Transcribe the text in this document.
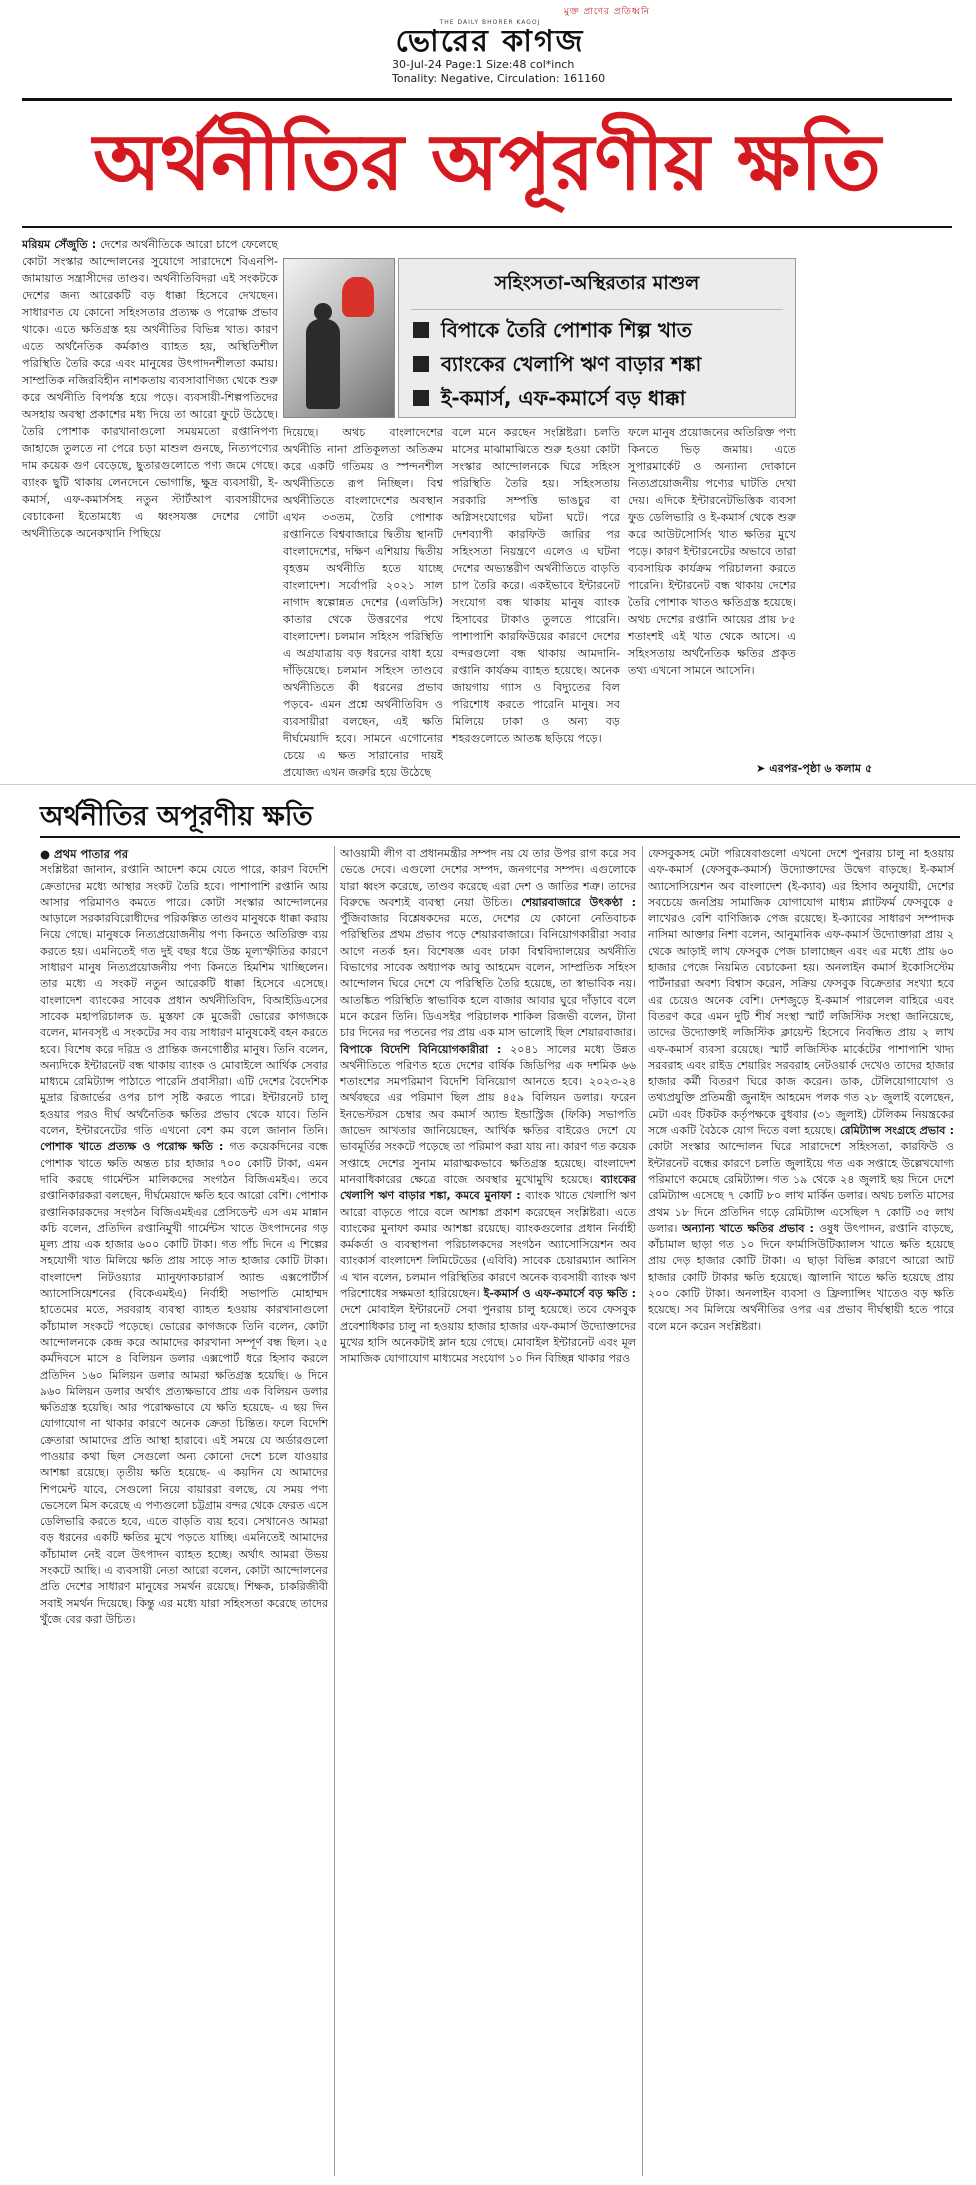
মুক্ত প্রাণের প্রতিধ্বনি
THE DAILY BHORER KAGOJ
ভোরের কাগজ
30-Jul-24 Page:1 Size:48 col*inch
Tonality: Negative, Circulation: 161160
অর্থনীতির অপূরণীয় ক্ষতি
মরিয়ম সেঁজুতি : দেশের অর্থনীতিকে আরো চাপে ফেলেছে কোটা সংস্কার আন্দোলনের সুযোগে সারাদেশে বিএনপি-জামায়াত সন্ত্রাসীদের তাণ্ডব। অর্থনীতিবিদরা এই সংকটকে দেশের জন্য আরেকটি বড় ধাক্কা হিসেবে দেখছেন। সাধারণত যে কোনো সহিংসতার প্রত্যক্ষ ও পরোক্ষ প্রভাব থাকে। এতে ক্ষতিগ্রস্ত হয় অর্থনীতির বিভিন্ন খাত। কারণ এতে অর্থনৈতিক কর্মকাণ্ড ব্যাহত হয়, অস্থিতিশীল পরিস্থিতি তৈরি করে এবং মানুষের উৎপাদনশীলতা কমায়। সাম্প্রতিক নজিরবিহীন নাশকতায় ব্যবসাবাণিজ্য থেকে শুরু করে অর্থনীতি বিপর্যস্ত হয়ে পড়ে। ব্যবসায়ী-শিল্পপতিদের অসহায় অবস্থা প্রকাশের মধ্য দিয়ে তা আরো ফুটে উঠেছে। তৈরি পোশাক কারখানাগুলো সময়মতো রপ্তানিপণ্য জাহাজে তুলতে না পেরে চড়া মাশুল গুনছে, নিত্যপণ্যের দাম কয়েক গুণ বেড়েছে, ছুতারগুলোতে পণ্য জমে গেছে। ব্যাংক ছুটি থাকায় লেনদেনে ভোগান্তি, ক্ষুদ্র ব্যবসায়ী, ই-কমার্স, এফ-কমার্সসহ নতুন স্টার্টআপ ব্যবসায়ীদের বেচাকেনা ইতোমধ্যে এ ধ্বংসযজ্ঞ দেশের গোটা অর্থনীতিকে অনেকখানি পিছিয়ে
সহিংসতা-অস্থিরতার মাশুল
বিপাকে তৈরি পোশাক শিল্প খাত
ব্যাংকের খেলাপি ঋণ বাড়ার শঙ্কা
ই-কমার্স, এফ-কমার্সে বড় ধাক্কা
দিয়েছে। অথচ বাংলাদেশের অর্থনীতি নানা প্রতিকূলতা অতিক্রম করে একটি গতিময় ও স্পন্দনশীল অর্থনীতিতে রূপ নিচ্ছিল। বিশ্ব অর্থনীতিতে বাংলাদেশের অবস্থান এখন ৩৩তম, তৈরি পোশাক রপ্তানিতে বিশ্ববাজারে দ্বিতীয় স্থানটি বাংলাদেশের, দক্ষিণ এশিয়ায় দ্বিতীয় বৃহত্তম অর্থনীতি হতে যাচ্ছে বাংলাদেশ। সর্বোপরি ২০২১ সাল নাগাদ স্বল্পোন্নত দেশের (এলডিসি) কাতার থেকে উত্তরণের পথে বাংলাদেশ। চলমান সহিংস পরিস্থিতি এ অগ্রযাত্রায় বড় ধরনের বাধা হয়ে দাঁড়িয়েছে। চলমান সহিংস তাণ্ডবে অর্থনীতিতে কী ধরনের প্রভাব পড়বে- এমন প্রশ্নে অর্থনীতিবিদ ও ব্যবসায়ীরা বলছেন, এই ক্ষতি দীর্ঘমেয়াদি হবে। সামনে এগোনোর চেয়ে এ ক্ষত সারানোর দায়ই প্রযোজ্য এখন জরুরি হয়ে উঠেছে
বলে মনে করছেন সংশ্লিষ্টরা। চলতি মাসের মাঝামাঝিতে শুরু হওয়া কোটা সংস্কার আন্দোলনকে ঘিরে সহিংস পরিস্থিতি তৈরি হয়। সহিংসতায় সরকারি সম্পত্তি ভাঙচুর বা অগ্নিসংযোগের ঘটনা ঘটে। পরে দেশব্যাপী কারফিউ জারির পর সহিংসতা নিয়ন্ত্রণে এলেও এ ঘটনা দেশের অভ্যন্তরীণ অর্থনীতিতে বাড়তি চাপ তৈরি করে। একইভাবে ইন্টারনেট সংযোগ বন্ধ থাকায় মানুষ ব্যাংক হিসাবের টাকাও তুলতে পারেনি। পাশাপাশি কারফিউয়ের কারণে দেশের বন্দরগুলো বন্ধ থাকায় আমদানি-রপ্তানি কার্যক্রম ব্যাহত হয়েছে। অনেক জায়গায় গ্যাস ও বিদ্যুতের বিল পরিশোধ করতে পারেনি মানুষ। সব মিলিয়ে ঢাকা ও অন্য বড় শহরগুলোতে আতঙ্ক ছড়িয়ে পড়ে।
ফলে মানুষ প্রয়োজনের অতিরিক্ত পণ্য কিনতে ভিড় জমায়। এতে সুপারমার্কেট ও অন্যান্য দোকানে নিত্যপ্রয়োজনীয় পণ্যের ঘাটতি দেখা দেয়। এদিকে ইন্টারনেটভিত্তিক ব্যবসা ফুড ডেলিভারি ও ই-কমার্স থেকে শুরু করে আউটসোর্সিং খাত ক্ষতির মুখে পড়ে। কারণ ইন্টারনেটের অভাবে তারা ব্যবসায়িক কার্যক্রম পরিচালনা করতে পারেনি। ইন্টারনেট বন্ধ থাকায় দেশের তৈরি পোশাক খাতও ক্ষতিগ্রস্ত হয়েছে। অথচ দেশের রপ্তানি আয়ের প্রায় ৮৫ শতাংশই এই খাত থেকে আসে। এ সহিংসতায় অর্থনৈতিক ক্ষতির প্রকৃত তথ্য এখনো সামনে আসেনি।
➤ এরপর-পৃষ্ঠা ৬ কলাম ৫
অর্থনীতির অপূরণীয় ক্ষতি
● প্রথম পাতার পর
সংশ্লিষ্টরা জানান, রপ্তানি আদেশ কমে যেতে পারে, কারণ বিদেশি ক্রেতাদের মধ্যে আস্থার সংকট তৈরি হবে। পাশাপাশি রপ্তানি আয় আসার পরিমাণও কমতে পারে। কোটা সংস্কার আন্দোলনের আড়ালে সরকারবিরোধীদের পরিকল্পিত তাণ্ডব মানুষকে ধাক্কা করায় নিয়ে গেছে। মানুষকে নিত্যপ্রয়োজনীয় পণ্য কিনতে অতিরিক্ত ব্যয় করতে হয়। এমনিতেই গত দুই বছর ধরে উচ্চ মূল্যস্ফীতির কারণে সাধারণ মানুষ নিত্যপ্রয়োজনীয় পণ্য কিনতে হিমশিম খাচ্ছিলেন। তার মধ্যে এ সংকট নতুন আরেকটি ধাক্কা হিসেবে এসেছে। বাংলাদেশ ব্যাংকের সাবেক প্রধান অর্থনীতিবিদ, বিআইডিএসের সাবেক মহাপরিচালক ড. মুস্তফা কে মুজেরী ভোরের কাগজকে বলেন, মানবসৃষ্ট এ সংকটের সব ব্যয় সাধারণ মানুষকেই বহন করতে হবে। বিশেষ করে দরিদ্র ও প্রান্তিক জনগোষ্ঠীর মানুষ। তিনি বলেন, অন্যদিকে ইন্টারনেট বন্ধ থাকায় ব্যাংক ও মোবাইলে আর্থিক সেবার মাধ্যমে রেমিট্যান্স পাঠাতে পারেনি প্রবাসীরা। এটি দেশের বৈদেশিক মুদ্রার রিজার্ভের ওপর চাপ সৃষ্টি করতে পারে। ইন্টারনেট চালু হওয়ার পরও দীর্ঘ অর্থনৈতিক ক্ষতির প্রভাব থেকে যাবে। তিনি বলেন, ইন্টারনেটের গতি এখনো বেশ কম বলে জানান তিনি। পোশাক খাতে প্রত্যক্ষ ও পরোক্ষ ক্ষতি : গত কয়েকদিনের বন্ধে পোশাক খাতে ক্ষতি অন্তত চার হাজার ৭০০ কোটি টাকা, এমন দাবি করছে গার্মেন্টস মালিকদের সংগঠন বিজিএমইএ। তবে রপ্তানিকারকরা বলছেন, দীর্ঘমেয়াদে ক্ষতি হবে আরো বেশি। পোশাক রপ্তানিকারকদের সংগঠন বিজিএমইএর প্রেসিডেন্ট এস এম মান্নান কচি বলেন, প্রতিদিন রপ্তানিমুখী গার্মেন্টস খাতে উৎপাদনের গড় মূল্য প্রায় এক হাজার ৬০০ কোটি টাকা। গত পাঁচ দিনে এ শিল্পের সহযোগী খাত মিলিয়ে ক্ষতি প্রায় সাড়ে সাত হাজার কোটি টাকা। বাংলাদেশ নিটওয়্যার ম্যানুফ্যাকচারার্স অ্যান্ড এক্সপোর্টার্স অ্যাসোসিয়েশনের (বিকেএমইএ) নির্বাহী সভাপতি মোহাম্মদ হাতেমের মতে, সরবরাহ ব্যবস্থা ব্যাহত হওয়ায় কারখানাগুলো কাঁচামাল সংকটে পড়েছে। ভোরের কাগজকে তিনি বলেন, কোটা আন্দোলনকে কেন্দ্র করে আমাদের কারখানা সম্পূর্ণ বন্ধ ছিল। ২৫ কর্মদিবসে মাসে ৪ বিলিয়ন ডলার এক্সপোর্ট ধরে হিসাব করলে প্রতিদিন ১৬০ মিলিয়ন ডলার আমরা ক্ষতিগ্রস্ত হয়েছি। ৬ দিনে ৯৬০ মিলিয়ন ডলার অর্থাৎ প্রত্যক্ষভাবে প্রায় এক বিলিয়ন ডলার ক্ষতিগ্রস্ত হয়েছি। আর পরোক্ষভাবে যে ক্ষতি হয়েছে- এ ছয় দিন যোগাযোগ না থাকার কারণে অনেক ক্রেতা চিন্তিত। ফলে বিদেশি ক্রেতারা আমাদের প্রতি আস্থা হারাবে। এই সময়ে যে অর্ডারগুলো পাওয়ার কথা ছিল সেগুলো অন্য কোনো দেশে চলে যাওয়ার আশঙ্কা রয়েছে। তৃতীয় ক্ষতি হয়েছে- এ কয়দিন যে আমাদের শিপমেন্ট যাবে, সেগুলো নিয়ে বায়াররা বলছে, যে সময় পণ্য ভেসেলে মিস করেছে এ পণ্যগুলো চট্টগ্রাম বন্দর থেকে ফেরত এসে ডেলিভারি করতে হবে, এতে বাড়তি ব্যয় হবে। সেখানেও আমরা বড় ধরনের একটি ক্ষতির মুখে পড়তে যাচ্ছি। এমনিতেই আমাদের কাঁচামাল নেই বলে উৎপাদন ব্যাহত হচ্ছে। অর্থাৎ আমরা উভয় সংকটে আছি। এ ব্যবসায়ী নেতা আরো বলেন, কোটা আন্দোলনের প্রতি দেশের সাধারণ মানুষের সমর্থন রয়েছে। শিক্ষক, চাকরিজীবী সবাই সমর্থন দিয়েছে। কিন্তু এর মধ্যে যারা সহিংসতা করেছে তাদের খুঁজে বের করা উচিত।
আওয়ামী লীগ বা প্রধানমন্ত্রীর সম্পদ নয় যে তার উপর রাগ করে সব ভেঙে দেবে। এগুলো দেশের সম্পদ, জনগণের সম্পদ। এগুলোকে যারা ধ্বংস করেছে, তাণ্ডব করেছে এরা দেশ ও জাতির শত্রু। তাদের বিরুদ্ধে অবশ্যই ব্যবস্থা নেয়া উচিত। শেয়ারবাজারে উৎকণ্ঠা : পুঁজিবাজার বিশ্লেষকদের মতে, দেশের যে কোনো নেতিবাচক পরিস্থিতির প্রথম প্রভাব পড়ে শেয়ারবাজারে। বিনিয়োগকারীরা সবার আগে নতর্ক হন। বিশেষজ্ঞ এবং ঢাকা বিশ্ববিদ্যালয়ের অর্থনীতি বিভাগের সাবেক অধ্যাপক আবু আহমেদ বলেন, সাম্প্রতিক সহিংস আন্দোলন ঘিরে দেশে যে পরিস্থিতি তৈরি হয়েছে, তা স্বাভাবিক নয়। আতঙ্কিত পরিস্থিতি স্বাভাবিক হলে বাজার আবার ঘুরে দাঁড়াবে বলে মনে করেন তিনি। ডিএসইর পরিচালক শাকিল রিজভী বলেন, টানা চার দিনের দর পতনের পর প্রায় এক মাস ভালোই ছিল শেয়ারবাজার। বিপাকে বিদেশি বিনিয়োগকারীরা : ২০৪১ সালের মধ্যে উন্নত অর্থনীতিতে পরিণত হতে দেশের বার্ষিক জিডিপির এক দশমিক ৬৬ শতাংশের সমপরিমাণ বিদেশি বিনিয়োগ আনতে হবে। ২০২৩-২৪ অর্থবছরে এর পরিমাণ ছিল প্রায় ৪৫৯ বিলিয়ন ডলার। ফরেন ইনভেস্টরস চেম্বার অব কমার্স অ্যান্ড ইন্ডাস্ট্রিজ (ফিকি) সভাপতি জাভেদ আখতার জানিয়েছেন, আর্থিক ক্ষতির বাইরেও দেশে যে ভাবমূর্তির সংকটে পড়েছে তা পরিমাপ করা যায় না। কারণ গত কয়েক সপ্তাহে দেশের সুনাম মারাত্মকভাবে ক্ষতিগ্রস্ত হয়েছে। বাংলাদেশ মানবাধিকারের ক্ষেত্রে বাজে অবস্থার মুখোমুখি হয়েছে। ব্যাংকের খেলাপি ঋণ বাড়ার শঙ্কা, কমবে মুনাফা : ব্যাংক খাতে খেলাপি ঋণ আরো বাড়তে পারে বলে আশঙ্কা প্রকাশ করেছেন সংশ্লিষ্টরা। এতে ব্যাংকের মুনাফা কমার আশঙ্কা রয়েছে। ব্যাংকগুলোর প্রধান নির্বাহী কর্মকর্তা ও ব্যবস্থাপনা পরিচালকদের সংগঠন অ্যাসোসিয়েশন অব ব্যাংকার্স বাংলাদেশ লিমিটেডের (এবিবি) সাবেক চেয়ারম্যান আনিস এ খান বলেন, চলমান পরিস্থিতির কারণে অনেক ব্যবসায়ী ব্যাংক ঋণ পরিশোধের সক্ষমতা হারিয়েছেন। ই-কমার্স ও এফ-কমার্সে বড় ক্ষতি : দেশে মোবাইল ইন্টারনেট সেবা পুনরায় চালু হয়েছে। তবে ফেসবুক প্রবেশাধিকার চালু না হওয়ায় হাজার হাজার এফ-কমার্স উদ্যোক্তাদের মুখের হাসি অনেকটাই ম্লান হয়ে গেছে। মোবাইল ইন্টারনেট এবং মূল সামাজিক যোগাযোগ মাধ্যমের সংযোগ ১০ দিন বিচ্ছিন্ন থাকার পরও
ফেসবুকসহ মেটা পরিষেবাগুলো এখনো দেশে পুনরায় চালু না হওয়ায় এফ-কমার্স (ফেসবুক-কমার্স) উদ্যোক্তাদের উদ্বেগ বাড়ছে। ই-কমার্স অ্যাসোসিয়েশন অব বাংলাদেশ (ই-ক্যাব) এর হিসাব অনুযায়ী, দেশের সবচেয়ে জনপ্রিয় সামাজিক যোগাযোগ মাধ্যম প্ল্যাটফর্ম ফেসবুকে ৫ লাখেরও বেশি বাণিজ্যিক পেজ রয়েছে। ই-ক্যাবের সাধারণ সম্পাদক নাসিমা আক্তার নিশা বলেন, আনুমানিক এফ-কমার্স উদ্যোক্তারা প্রায় ২ থেকে আড়াই লাখ ফেসবুক পেজ চালাচ্ছেন এবং এর মধ্যে প্রায় ৬০ হাজার পেজে নিয়মিত বেচাকেনা হয়। অনলাইন কমার্স ইকোসিস্টেম পার্টনাররা অবশ্য বিশ্বাস করেন, সক্রিয় ফেসবুক বিক্রেতার সংখ্যা হবে এর চেয়েও অনেক বেশি। দেশজুড়ে ই-কমার্স পারলেল বাহিরে এবং বিতরণ করে এমন দুটি শীর্ষ সংস্থা স্মার্ট লজিস্টিক সংস্থা জানিয়েছে, তাদের উদ্যোক্তাই লজিস্টিক ক্লায়েন্ট হিসেবে নিবন্ধিত প্রায় ২ লাখ এফ-কমার্স ব্যবসা রয়েছে। স্মার্ট লজিস্টিক মার্কেটের পাশাপাশি খাদ্য সরবরাহ এবং রাইড শেয়ারিং সরবরাহ নেটওয়ার্ক দেখেও তাদের হাজার হাজার কর্মী বিতরণ ঘিরে কাজ করেন। ডাক, টেলিযোগাযোগ ও তথ্যপ্রযুক্তি প্রতিমন্ত্রী জুনাইদ আহমেদ পলক গত ২৮ জুলাই বলেছেন, মেটা এবং টিকটক কর্তৃপক্ষকে বুধবার (৩১ জুলাই) টেলিকম নিয়ন্ত্রকের সঙ্গে একটি বৈঠকে যোগ দিতে বলা হয়েছে। রেমিট্যান্স সংগ্রহে প্রভাব : কোটা সংস্কার আন্দোলন ঘিরে সারাদেশে সহিংসতা, কারফিউ ও ইন্টারনেট বন্ধের কারণে চলতি জুলাইয়ে গত এক সপ্তাহে উল্লেখযোগ্য পরিমাণে কমেছে রেমিট্যান্স। গত ১৯ থেকে ২৪ জুলাই ছয় দিনে দেশে রেমিট্যান্স এসেছে ৭ কোটি ৮০ লাখ মার্কিন ডলার। অথচ চলতি মাসের প্রথম ১৮ দিনে প্রতিদিন গড়ে রেমিট্যান্স এসেছিল ৭ কোটি ৩৫ লাখ ডলার। অন্যান্য খাতে ক্ষতির প্রভাব : ওষুধ উৎপাদন, রপ্তানি বাড়ছে, কাঁচামাল ছাড়া গত ১০ দিনে ফার্মাসিউটিক্যালস খাতে ক্ষতি হয়েছে প্রায় দেড় হাজার কোটি টাকা। এ ছাড়া বিভিন্ন কারণে আরো আট হাজার কোটি টাকার ক্ষতি হয়েছে। জ্বালানি খাতে ক্ষতি হয়েছে প্রায় ২০০ কোটি টাকা। অনলাইন ব্যবসা ও ফ্রিল্যান্সিং খাতেও বড় ক্ষতি হয়েছে। সব মিলিয়ে অর্থনীতির ওপর এর প্রভাব দীর্ঘস্থায়ী হতে পারে বলে মনে করেন সংশ্লিষ্টরা।
